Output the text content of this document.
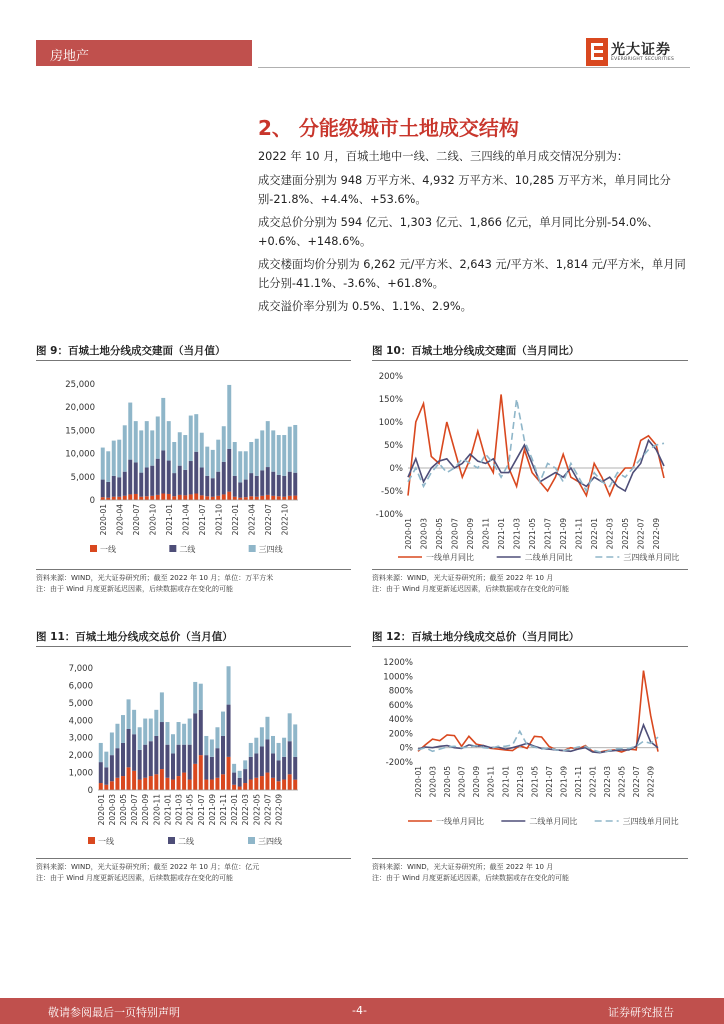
房地产	光大证券
EVERBRIGHT SECURITIES
2、 分能级城市土地成交结构
2022 年 10 月，百城土地中一线、二线、三四线的单月成交情况分别为：
成交建面分别为 948 万平方米、4,932 万平方米、10,285 万平方米，单月同比分别-21.8%、+4.4%、+53.6%。
成交总价分别为 594 亿元、1,303 亿元、1,866 亿元，单月同比分别-54.0%、+0.6%、+148.6%。
成交楼面均价分别为 6,262 元/平方米、2,643 元/平方米、1,814 元/平方米，单月同比分别-41.1%、-3.6%、+61.8%。
成交溢价率分别为 0.5%、1.1%、2.9%。
图 9：百城土地分线成交建面（当月值）	图 10：百城土地分线成交建面（当月同比）
0
5,000
10,000
15,000
20,000
25,000
2020-01 2020-04 2020-07 2020-10 2021-01 2021-04 2021-07 2021-10 2022-01 2022-04 2022-07 2022-10
一线	二线	三四线
-100%
-50%
0%
50%
100%
150%
200%
2020-01 2020-03 2020-05 2020-07 2020-09 2020-11 2021-01 2021-03 2021-05 2021-07 2021-09 2021-11 2022-01 2022-03 2022-05 2022-07 2022-09
一线单月同比	二线单月同比	三四线单月同比
资料来源：WIND，光大证券研究所；截至 2022 年 10 月；单位：万平方米
注：由于 Wind 月度更新延迟因素，后续数据或存在变化的可能
资料来源：WIND，光大证券研究所；截至 2022 年 10 月
注：由于 Wind 月度更新延迟因素，后续数据或存在变化的可能
图 11：百城土地分线成交总价（当月值）	图 12：百城土地分线成交总价（当月同比）
0
1,000
2,000
3,000
4,000
5,000
6,000
7,000
2020-01 2020-03 2020-05 2020-07 2020-09 2020-11 2021-01 2021-03 2021-05 2021-07 2021-09 2021-11 2022-01 2022-03 2022-05 2022-07 2022-09
一线	二线	三四线
-200%
0%
200%
400%
600%
800%
1000%
1200%
2020-01 2020-03 2020-05 2020-07 2020-09 2020-11 2021-01 2021-03 2021-05 2021-07 2021-09 2021-11 2022-01 2022-03 2022-05 2022-07 2022-09
一线单月同比	二线单月同比	三四线单月同比
资料来源：WIND，光大证券研究所；截至 2022 年 10 月；单位：亿元
注：由于 Wind 月度更新延迟因素，后续数据或存在变化的可能
资料来源：WIND，光大证券研究所；截至 2022 年 10 月
注：由于 Wind 月度更新延迟因素，后续数据或存在变化的可能
敬请参阅最后一页特别声明	-4-	证券研究报告
